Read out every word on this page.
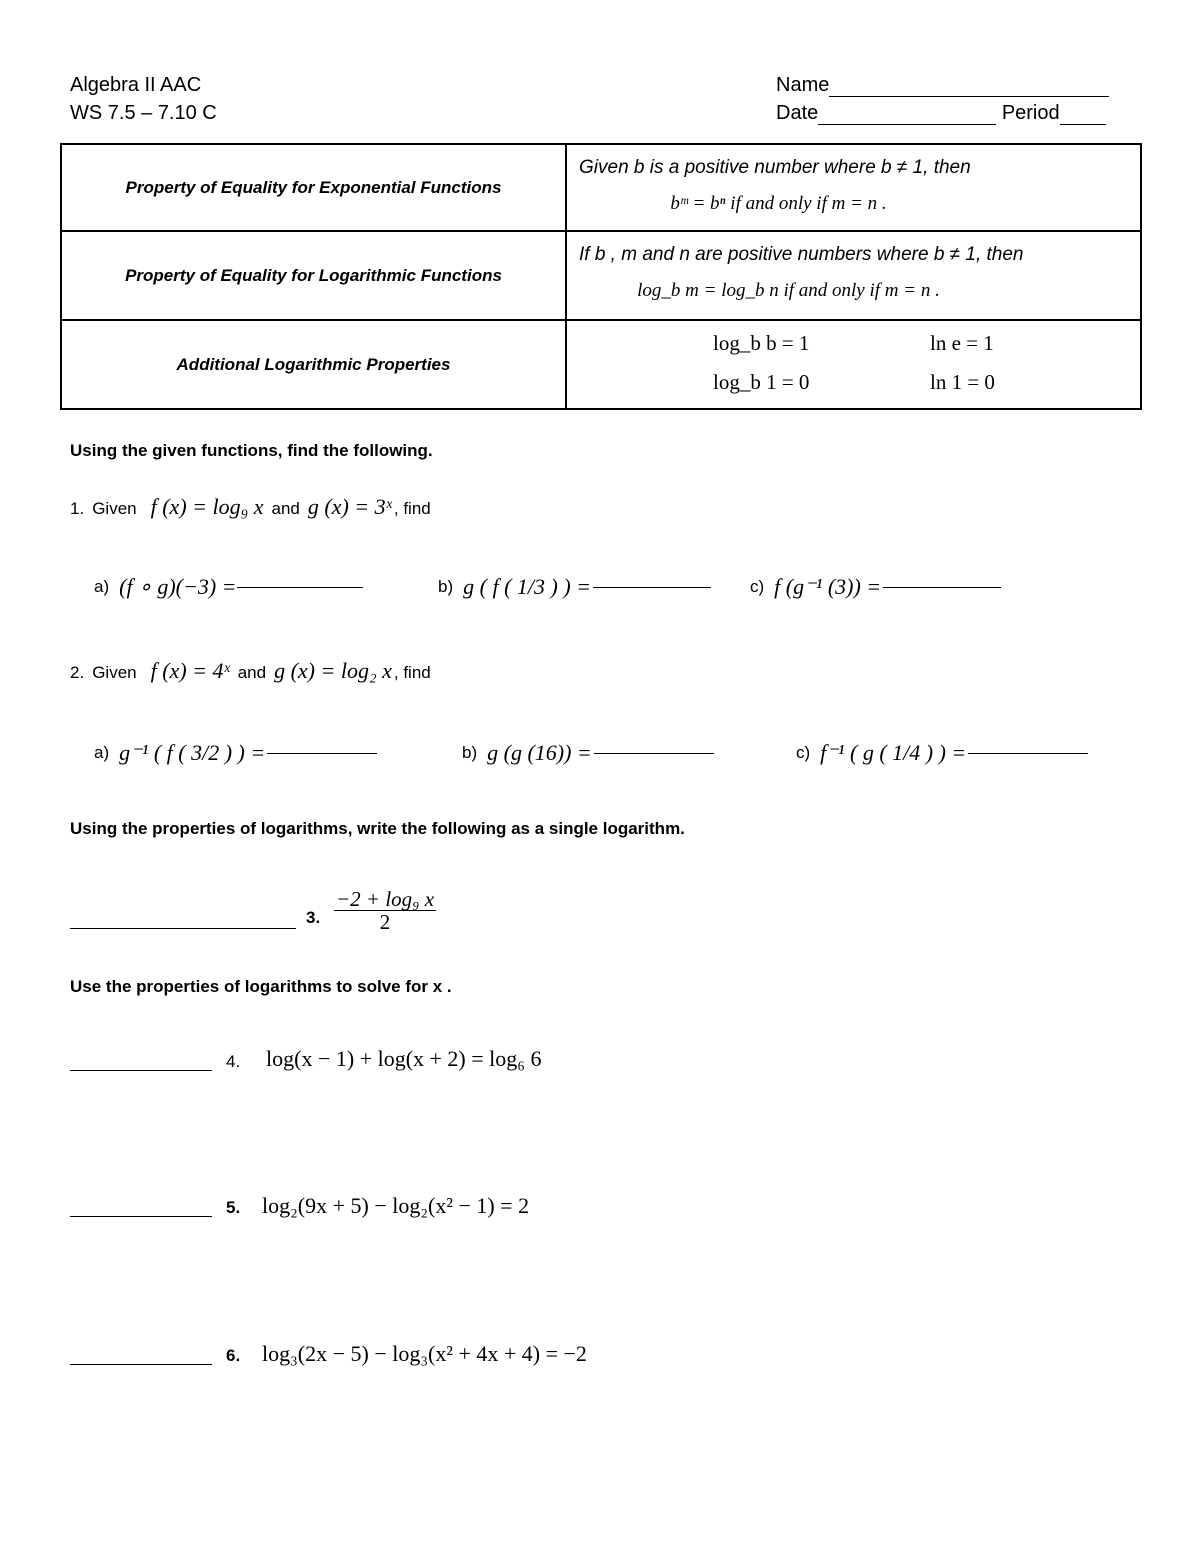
Algebra II AAC
WS 7.5 – 7.10 C
Name
Date	Period
Property of Equality for Exponential Functions	Given b is a positive number where b ≠ 1, then
bᵐ = bⁿ if and only if m = n .

Property of Equality for Logarithmic Functions	If b , m and n are positive numbers where b ≠ 1, then
log_b m = log_b n if and only if m = n .

Additional Logarithmic Properties	log_b b = 1 ln e = 1
log_b 1 = 0 ln 1 = 0
Using the given functions, find the following.
1. Given f (x) = log₉ x and g (x) = 3ˣ , find
a) (f ∘ g)(−3) =	b) g ( f ( 1/3 ) ) =	c) f (g⁻¹ (3)) =
2. Given f (x) = 4ˣ and g (x) = log₂ x , find
a) g⁻¹ ( f ( 3/2 ) ) =	b) g (g (16)) =	c) f⁻¹ ( g ( 1/4 ) ) =
Using the properties of logarithms, write the following as a single logarithm.
3. $\frac{\text{−2 + log₉ x}}{2}$
Use the properties of logarithms to solve for x .
4. log(x − 1) + log(x + 2) = log₆ 6
5. log₂(9x + 5) − log₂(x² − 1) = 2
6. log₃(2x − 5) − log₃(x² + 4x + 4) = −2
